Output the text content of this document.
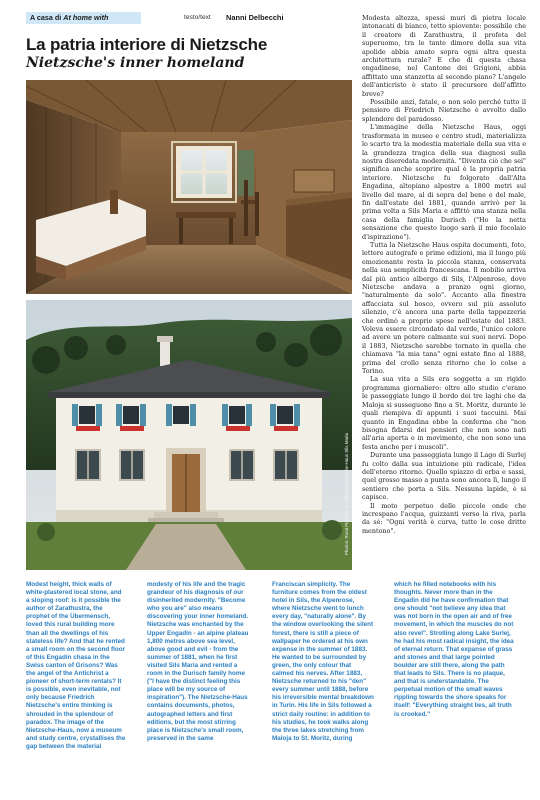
A casa di At home with	testo/text Nanni Delbecchi
La patria interiore di Nietzsche
Nietzsche's inner homeland
Photos: Romi Piaciolo, © Stiftung Nietzsche-Haus Sils Maria

Modesta altezza, spessi muri di pietra locale intonacati di bianco, tetto spiovente: possibile che il creatore di Zarathustra, il profeta del superuomo, tra le tante dimore della sua vita apolide abbia amato sopra ogni altra questa architettura rurale? E che di questa chasa engadinese, nel Cantone dei Grigioni, abbia affittato una stanzetta al secondo piano? L'angelo dell'anticristo è stato il precursore dell'affitto breve?

Possibile anzi, fatale, e non solo perché tutto il pensiero di Friedrich Nietzsche è avvolto dallo splendore del paradosso.

L'immagine della Nietzsche Haus, oggi trasformata in museo e centro studi, materializza lo scarto tra la modestia materiale della sua vita e la grandezza tragica della sua diagnosi sulla nostra diseredata modernità. "Diventa ciò che sei" significa anche scoprire qual è la propria patria interiore. Nietzsche fu folgorato dall'Alta Engadina, altopiano alpestre a 1800 metri sul livello del mare, al di sopra del bene e del male, fin dall'estate del 1881, quando arrivò per la prima volta a Sils Maria e affittò una stanza nella casa della famiglia Durisch ("Ho la netta sensazione che questo luogo sarà il mio focolaio d'ispirazione").

Tutta la Nietzsche Haus ospita documenti, foto, lettere autografe e prime edizioni, ma il luogo più emozionante resta la piccola stanza, conservata nella sua semplicità francescana. Il mobilio arriva dal più antico albergo di Sils, l'Alpenrose, dove Nietzsche andava a pranzo ogni giorno, "naturalmente da solo". Accanto alla finestra affacciata sul bosco, ovvero sul più assoluto silenzio, c'è ancora una parte della tappezzeria che ordinò a proprie spese nell'estate del 1883. Voleva essere circondato dal verde, l'unico colore ad avere un potere calmante sui suoi nervi. Dopo il 1883, Nietzsche sarebbe tornato in quella che chiamava "la mia tana" ogni estate fino al 1888, prima del crollo senza ritorno che lo colse a Torino.

La sua vita a Sils era soggetta a un rigido programma giornaliero: oltre allo studio c'erano le passeggiate lungo il bordo dei tre laghi che da Maloja si susseguono fino a St. Moritz, durante le quali riempiva di appunti i suoi taccuini. Mai quanto in Engadina ebbe la conferma che "non bisogna fidarsi dei pensieri che non sono nati all'aria aperta e in movimento, che non sono una festa anche per i muscoli".

Durante una passeggiata lungo il Lago di Surlej fu colto dalla sua intuizione più radicale, l'idea dell'eterno ritorno. Quello spiazzo di erba e sassi, quel grosso masso a punta sono ancora lì, lungo il sentiero che porta a Sils. Nessuna lapide, è si capisce.

Il moto perpetuo delle piccole onde che increspano l'acqua, guizzanti verso la riva, parla da sé: "Ogni verità è curva, tutte le cose dritte mentono".

Modest height, thick walls of white-plastered local stone, and a sloping roof: is it possible the author of Zarathustra, the prophet of the Übermensch, loved this rural building more than all the dwellings of his stateless life? And that he rented a small room on the second floor of this Engadin chasa in the Swiss canton of Grisons? Was the angel of the Antichrist a pioneer of short-term rentals? It is possible, even inevitable, not only because Friedrich Nietzsche's entire thinking is shrouded in the splendour of paradox. The image of the Nietzsche-Haus, now a museum and study centre, crystallises the gap between the material

modesty of his life and the tragic grandeur of his diagnosis of our disinherited modernity. "Become who you are" also means discovering your inner homeland. Nietzsche was enchanted by the Upper Engadin - an alpine plateau 1,800 metres above sea level, above good and evil - from the summer of 1881, when he first visited Sils Maria and rented a room in the Durisch family home ("I have the distinct feeling this place will be my source of inspiration"). The Nietzsche-Haus contains documents, photos, autographed letters and first editions, but the most stirring place is Nietzsche's small room, preserved in the same

Franciscan simplicity. The furniture comes from the oldest hotel in Sils, the Alpenrose, where Nietzsche went to lunch every day, "naturally alone". By the window overlooking the silent forest, there is still a piece of wallpaper he ordered at his own expense in the summer of 1883. He wanted to be surrounded by green, the only colour that calmed his nerves. After 1883, Nietzsche returned to his "den" every summer until 1888, before his irreversible mental breakdown in Turin. His life in Sils followed a strict daily routine: in addition to his studies, he took walks along the three lakes stretching from Maloja to St. Moritz, during

which he filled notebooks with his thoughts. Never more than in the Engadin did he have confirmation that one should "not believe any idea that was not born in the open air and of free movement, in which the muscles do not also revel". Strolling along Lake Surlej, he had his most radical insight, the idea of eternal return. That expanse of grass and stones and that large pointed boulder are still there, along the path that leads to Sils. There is no plaque, and that is understandable. The perpetual motion of the small waves rippling towards the shore speaks for itself: "Everything straight lies, all truth is crooked."
